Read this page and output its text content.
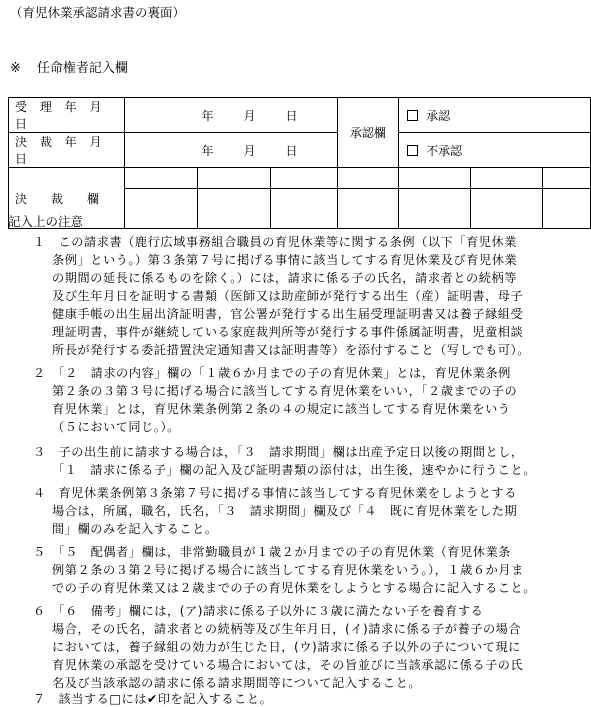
（育児休業承認請求書の裏面）
※ 任命権者記入欄
受 理 年 月 日	年 月 日			承認欄	承認		
決 裁 年 月 日	年 月 日				不承認		
決　　裁　　欄							

記入上の注意
１　この請求書（鹿行広域事務組合職員の育児休業等に関する条例（以下「育児休業
条例」という。）第３条第７号に掲げる事情に該当してする育児休業及び育児休業
の期間の延長に係るものを除く。）には，請求に係る子の氏名，請求者との続柄等
及び生年月日を証明する書類（医師又は助産師が発行する出生（産）証明書，母子
健康手帳の出生届出済証明書，官公署が発行する出生届受理証明書又は養子縁組受
理証明書，事件が継続している家庭裁判所等が発行する事件係属証明書，児童相談
所長が発行する委託措置決定通知書又は証明書等）を添付すること（写しでも可）。
２　「２　請求の内容」欄の「１歳６か月までの子の育児休業」とは，育児休業条例
第２条の３第３号に掲げる場合に該当してする育児休業をいい，「２歳までの子の
育児休業」とは，育児休業条例第２条の４の規定に該当してする育児休業をいう
（５において同じ。）。
３　子の出生前に請求する場合は，「３　請求期間」欄は出産予定日以後の期間とし，
「１　請求に係る子」欄の記入及び証明書類の添付は，出生後，速やかに行うこと。
４　育児休業条例第３条第７号に掲げる事情に該当してする育児休業をしようとする
場合は，所属，職名，氏名，「３　請求期間」欄及び「４　既に育児休業をした期
間」欄のみを記入すること。
５　「５　配偶者」欄は，非常勤職員が１歳２か月までの子の育児休業（育児休業条
例第２条の３第２号に掲げる場合に該当してする育児休業をいう。），１歳６か月ま
での子の育児休業又は２歳までの子の育児休業をしようとする場合に記入すること。
６　「６　備考」欄には，(ア)請求に係る子以外に３歳に満たない子を養育する
場合，その氏名，請求者との続柄等及び生年月日，(イ)請求に係る子が養子の場合
においては，養子縁組の効力が生じた日，(ウ)請求に係る子以外の子について現に
育児休業の承認を受けている場合においては，その旨並びに当該承認に係る子の氏
名及び当該承認の請求に係る請求期間等について記入すること。
７　該当する□には✔印を記入すること。
